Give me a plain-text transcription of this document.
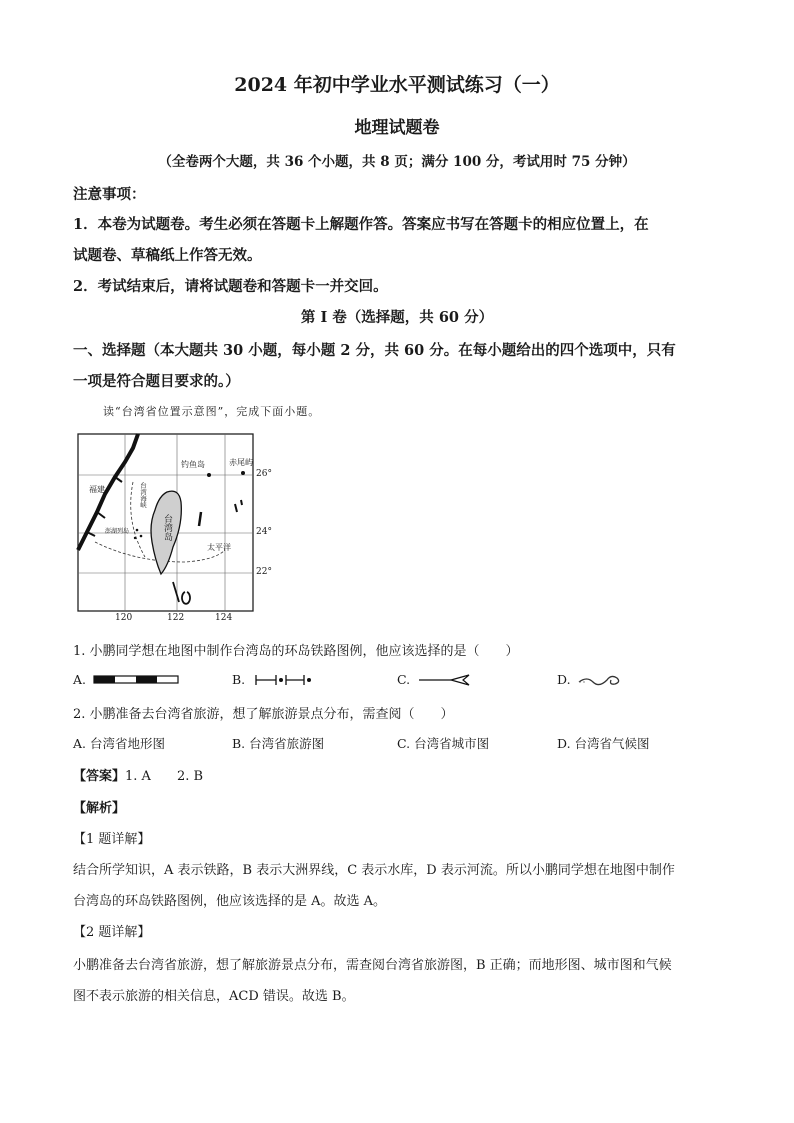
2024 年初中学业水平测试练习（一）
地理试题卷
（全卷两个大题，共 36 个小题，共 8 页；满分 100 分，考试用时 75 分钟）
注意事项：
1．本卷为试题卷。考生必须在答题卡上解题作答。答案应书写在答题卡的相应位置上，在
试题卷、草稿纸上作答无效。
2．考试结束后，请将试题卷和答题卡一并交回。
第 I 卷（选择题，共 60 分）
一、选择题（本大题共 30 小题，每小题 2 分，共 60 分。在每小题给出的四个选项中，只有
一项是符合题目要求的。）
读“台湾省位置示意图”，完成下面小题。
福建	台湾海峡
澎湖列岛
钓鱼岛	赤尾屿
台湾岛
太平洋
26°
24°
22°
120	122	124
1. 小鹏同学想在地图中制作台湾岛的环岛铁路图例，他应该选择的是（　　）
A.	B.	C.	D.
2. 小鹏准备去台湾省旅游，想了解旅游景点分布，需查阅（　　）
A. 台湾省地形图	B. 台湾省旅游图	C. 台湾省城市图	D. 台湾省气候图
【答案】1. A　　2. B
【解析】
【1 题详解】
结合所学知识，A 表示铁路，B 表示大洲界线，C 表示水库，D 表示河流。所以小鹏同学想在地图中制作
台湾岛的环岛铁路图例，他应该选择的是 A。故选 A。
【2 题详解】
小鹏准备去台湾省旅游，想了解旅游景点分布，需查阅台湾省旅游图，B 正确；而地形图、城市图和气候
图不表示旅游的相关信息，ACD 错误。故选 B。
